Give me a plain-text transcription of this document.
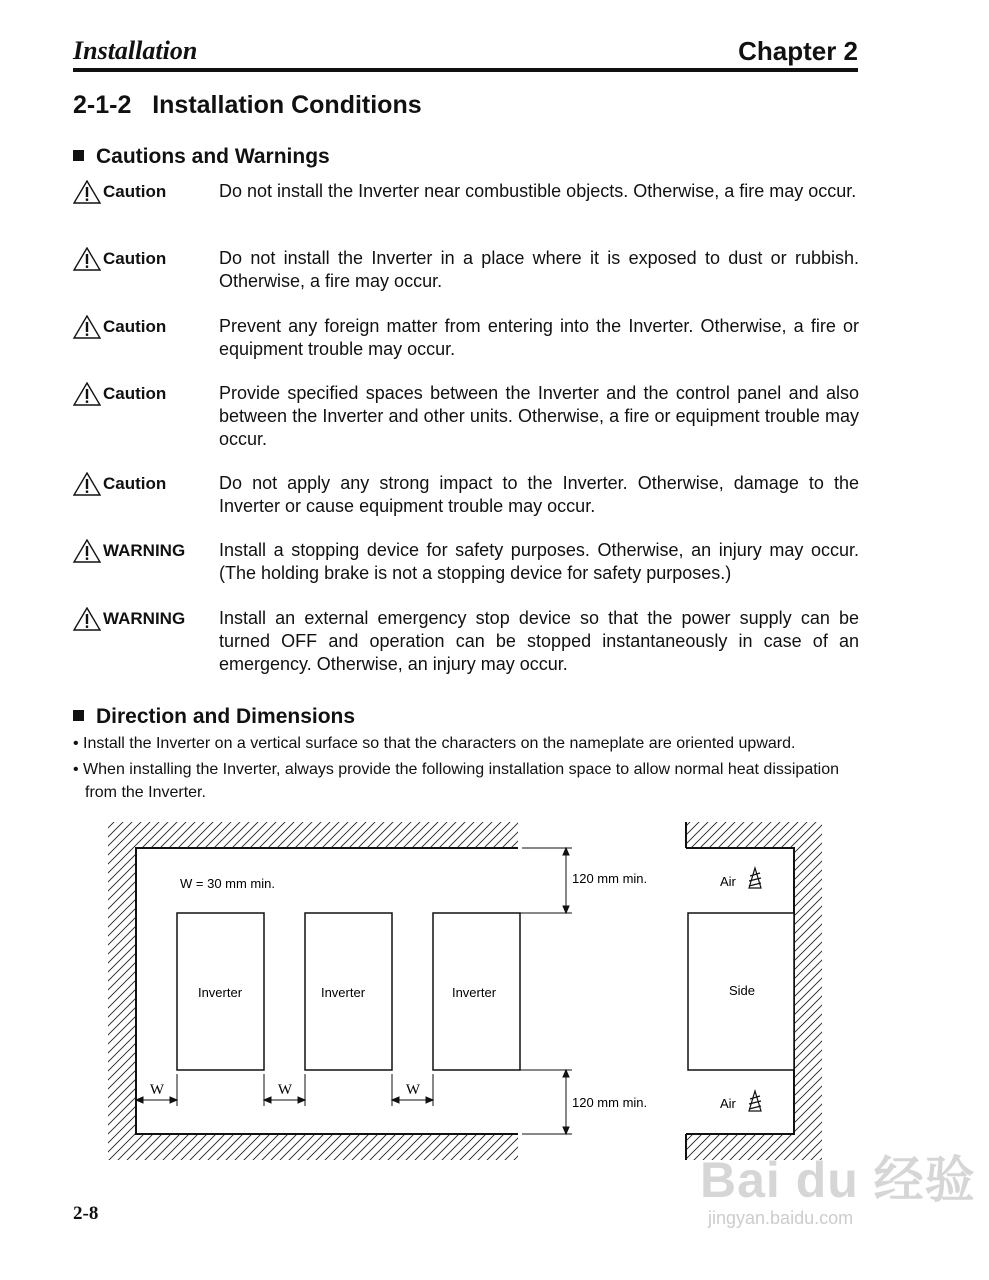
Installation	Chapter 2
2-1-2   Installation Conditions
Cautions and Warnings
Caution	Do not install the Inverter near combustible objects. Otherwise, a fire may occur.
Caution	Do not install the Inverter in a place where it is exposed to dust or rubbish. Otherwise, a fire may occur.
Caution	Prevent any foreign matter from entering into the Inverter. Otherwise, a fire or equipment trouble may occur.
Caution	Provide specified spaces between the Inverter and the control panel and also between the Inverter and other units. Otherwise, a fire or equipment trouble may occur.
Caution	Do not apply any strong impact to the Inverter. Otherwise, damage to the Inverter or cause equipment trouble may occur.
WARNING Install a stopping device for safety purposes. Otherwise, an injury may occur. (The holding brake is not a stopping device for safety purposes.)
WARNING Install an external emergency stop device so that the power supply can be turned OFF and operation can be stopped instantaneously in case of an emergency. Otherwise, an injury may occur.
Direction and Dimensions
• Install the Inverter on a vertical surface so that the characters on the nameplate are oriented upward.
• When installing the Inverter, always provide the following installation space to allow normal heat dissipation from the Inverter.
W = 30 mm min.
Inverter	Inverter	Inverter
W	W	W
120 mm min.
120 mm min.
Side
Air
Air
2-8
Bai du 经验
jingyan.baidu.com
